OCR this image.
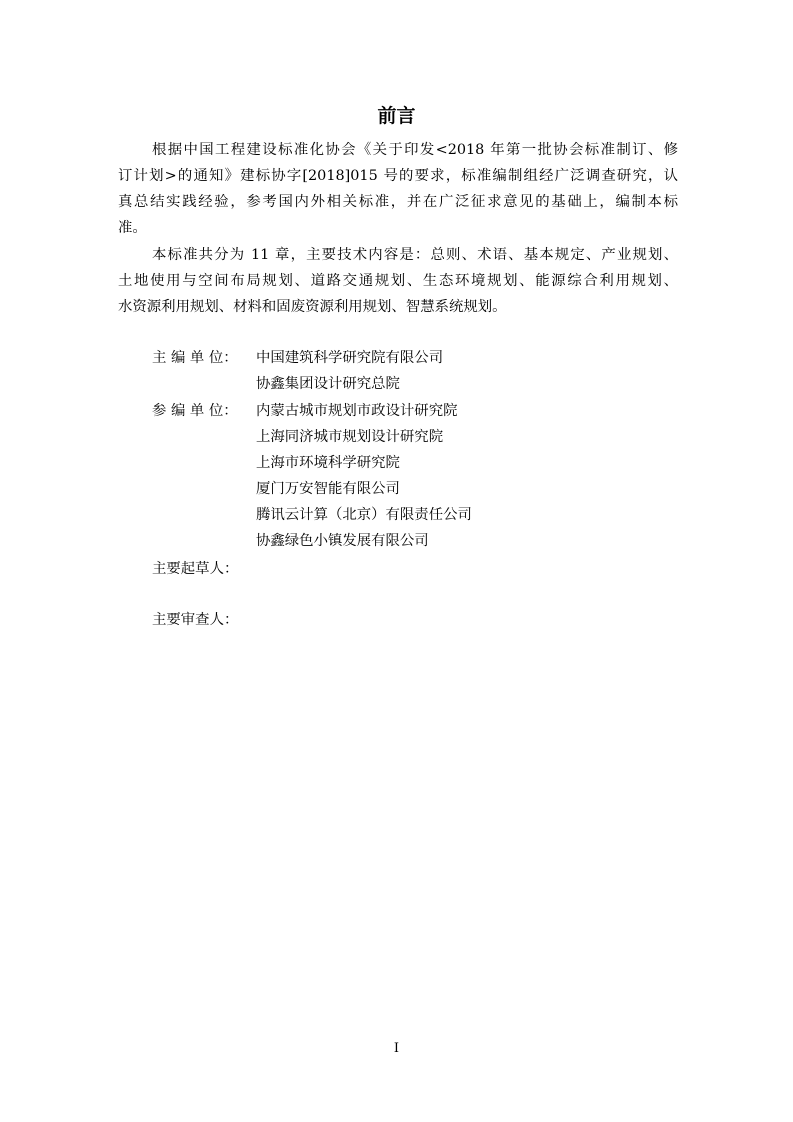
前言
根据中国工程建设标准化协会《关于印发<2018 年第一批协会标准制订、修
订计划>的通知》建标协字[2018]015 号的要求，标准编制组经广泛调查研究，认
真总结实践经验，参考国内外相关标准，并在广泛征求意见的基础上，编制本标
准。
本标准共分为 11 章，主要技术内容是：总则、术语、基本规定、产业规划、
土地使用与空间布局规划、道路交通规划、生态环境规划、能源综合利用规划、
水资源利用规划、材料和固废资源利用规划、智慧系统规划。
主 编 单 位：	中国建筑科学研究院有限公司
协鑫集团设计研究总院
参 编 单 位：	内蒙古城市规划市政设计研究院
上海同济城市规划设计研究院
上海市环境科学研究院
厦门万安智能有限公司
腾讯云计算（北京）有限责任公司
协鑫绿色小镇发展有限公司
主要起草人：
主要审查人：
I
